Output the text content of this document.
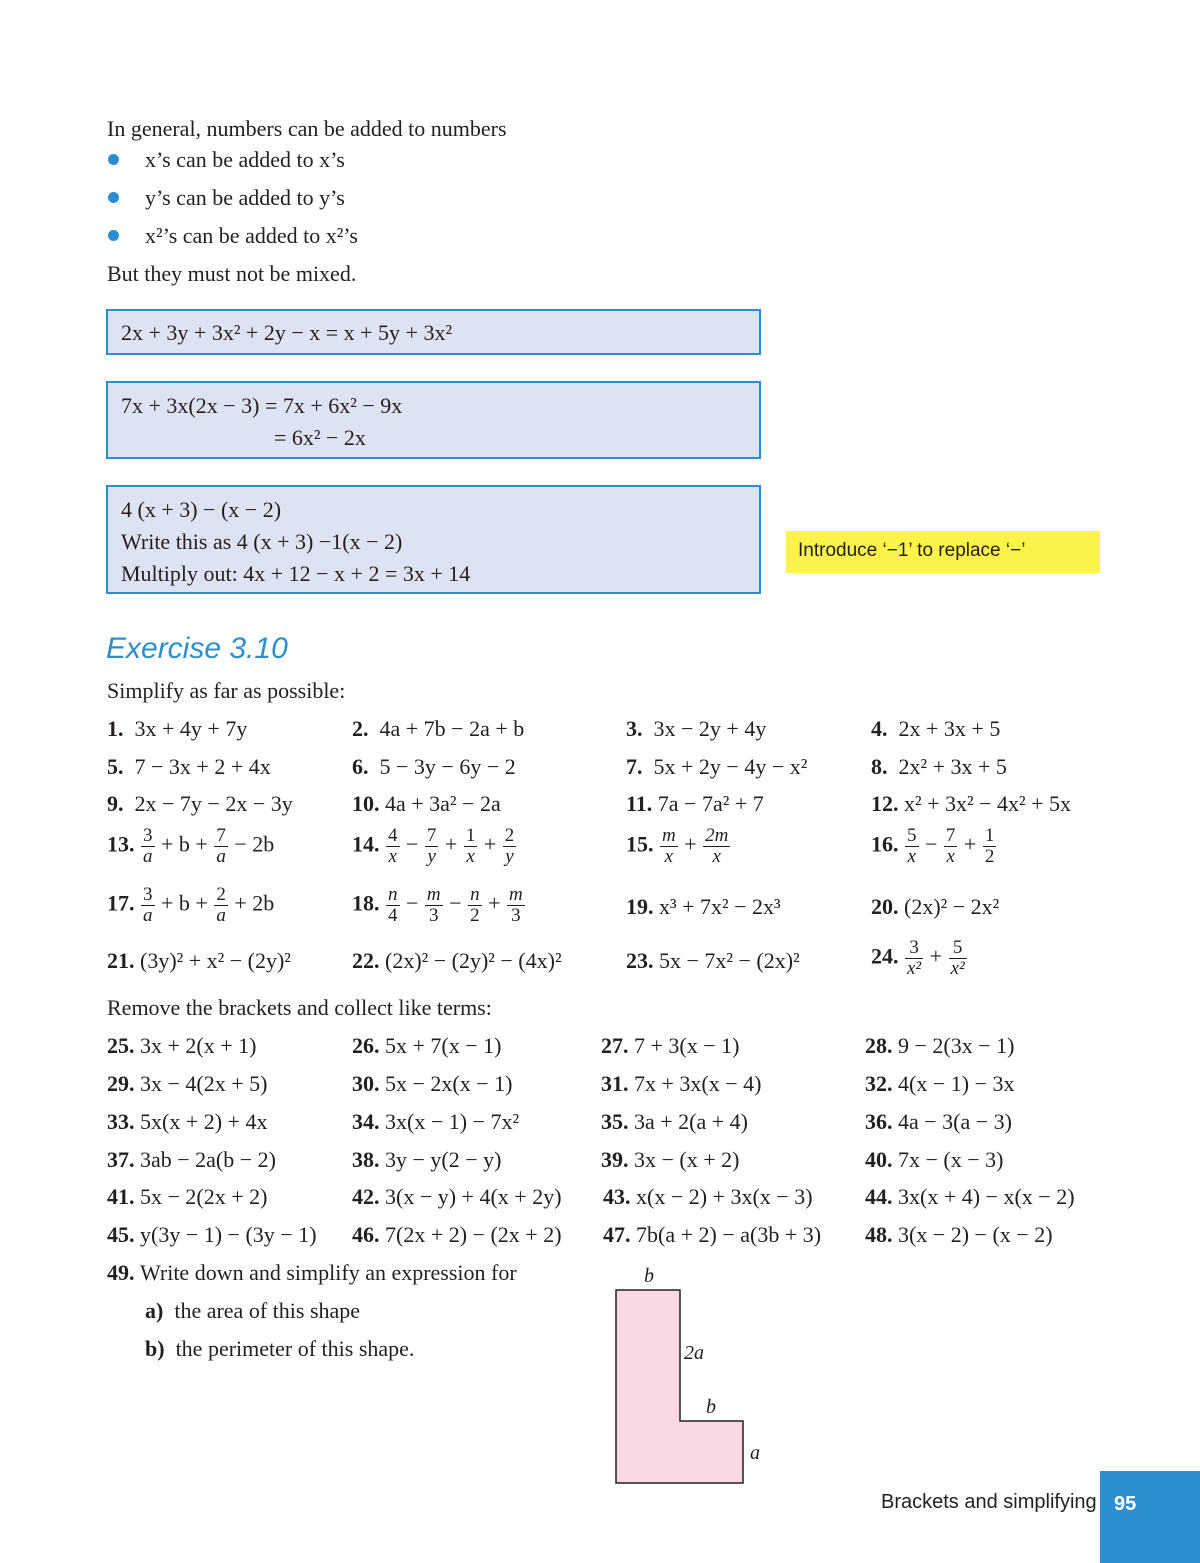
In general, numbers can be added to numbers
x’s can be added to x’s
y’s can be added to y’s
x²’s can be added to x²’s
But they must not be mixed.
2x + 3y + 3x² + 2y − x = x + 5y + 3x²
7x + 3x(2x − 3) = 7x + 6x² − 9x
= 6x² − 2x
4 (x + 3) − (x − 2)
Write this as 4 (x + 3) −1(x − 2)
Multiply out: 4x + 12 − x + 2 = 3x + 14
Introduce ‘−1’ to replace ‘−’
Exercise 3.10
Simplify as far as possible:
1. 3x + 4y + 7y	2. 4a + 7b − 2a + b	3. 3x − 2y + 4y	4. 2x + 3x + 5
5. 7 − 3x + 2 + 4x	6. 5 − 3y − 6y − 2	7. 5x + 2y − 4y − x²	8. 2x² + 3x + 5
9. 2x − 7y − 2x − 3y	10. 4a + 3a² − 2a	11. 7a − 7a² + 7	12. x² + 3x² − 4x² + 5x
13. $\frac{3}{a} + b + \frac{7}{a} - 2b$	14. $\frac{4}{x} - \frac{7}{y} + \frac{1}{x} + \frac{2}{y}$	15. $\frac{m}{x} + \frac{2m}{x}$	16. $\frac{5}{x} - \frac{7}{x} + \frac{1}{2}$
17. $\frac{3}{a} + b + \frac{2}{a} + 2b$	18. $\frac{n}{4} - \frac{m}{3} - \frac{n}{2} + \frac{m}{3}$	19. x³ + 7x² − 2x³	20. (2x)² − 2x²
21. (3y)² + x² − (2y)²	22. (2x)² − (2y)² − (4x)²	23. 5x − 7x² − (2x)²	24. $\frac{3}{\text{x²}} + \frac{5}{\text{x²}}$
Remove the brackets and collect like terms:
25. 3x + 2(x + 1)	26. 5x + 7(x − 1)	27. 7 + 3(x − 1)	28. 9 − 2(3x − 1)
29. 3x − 4(2x + 5)	30. 5x − 2x(x − 1)	31. 7x + 3x(x − 4)	32. 4(x − 1) − 3x
33. 5x(x + 2) + 4x	34. 3x(x − 1) − 7x²	35. 3a + 2(a + 4)	36. 4a − 3(a − 3)
37. 3ab − 2a(b − 2)	38. 3y − y(2 − y)	39. 3x − (x + 2)	40. 7x − (x − 3)
41. 5x − 2(2x + 2)	42. 3(x − y) + 4(x + 2y) 43. x(x − 2) + 3x(x − 3) 44. 3x(x + 4) − x(x − 2)
45. y(3y − 1) − (3y − 1) 46. 7(2x + 2) − (2x + 2) 47. 7b(a + 2) − a(3b + 3) 48. 3(x − 2) − (x − 2)
49. Write down and simplify an expression for
a) the area of this shape
b) the perimeter of this shape.
b
2a
b
a
Brackets and simplifying 95
